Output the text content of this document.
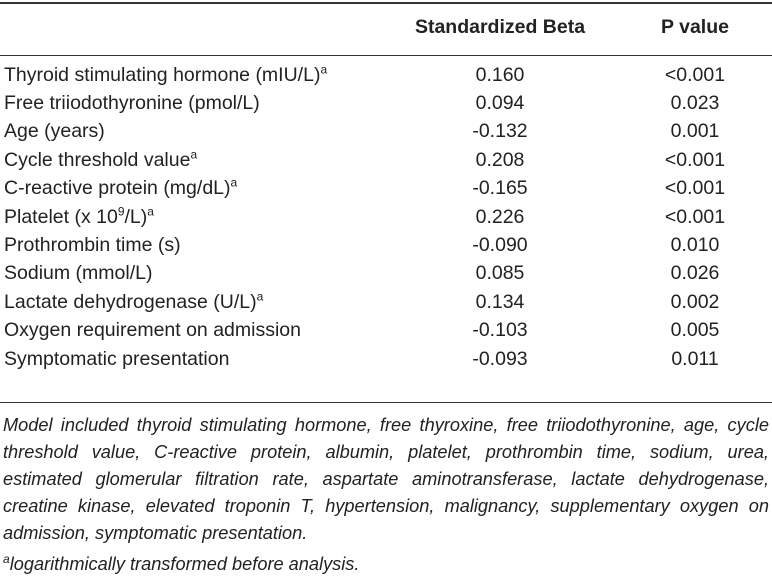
	Standardized Beta	P value
Thyroid stimulating hormone $(mIU/L)^a$	0.160	<0.001
Free triiodothyronine (pmol/L)	0.094	0.023
Age (years)	-0.132	0.001
Cycle threshold value$^a$	0.208	<0.001
C-reactive protein $(mg/dL)^a$	-0.165	<0.001
Platelet (x $10^9/L)^a$	0.226	<0.001
Prothrombin time (s)	-0.090	0.010
Sodium (mmol/L)	0.085	0.026
Lactate dehydrogenase $(U/L)^a$	0.134	0.002
Oxygen requirement on admission	-0.103	0.005
Symptomatic presentation	-0.093	0.011
Model included thyroid stimulating hormone, free thyroxine, free triiodothyronine, age, cycle threshold value, C-reactive protein, albumin, platelet, prothrombin time, sodium, urea, estimated glomerular filtration rate, aspartate aminotransferase, lactate dehydrogenase, creatine kinase, elevated troponin T, hypertension, malignancy, supplementary oxygen on admission, symptomatic presentation.
$^a$logarithmically transformed before analysis.
